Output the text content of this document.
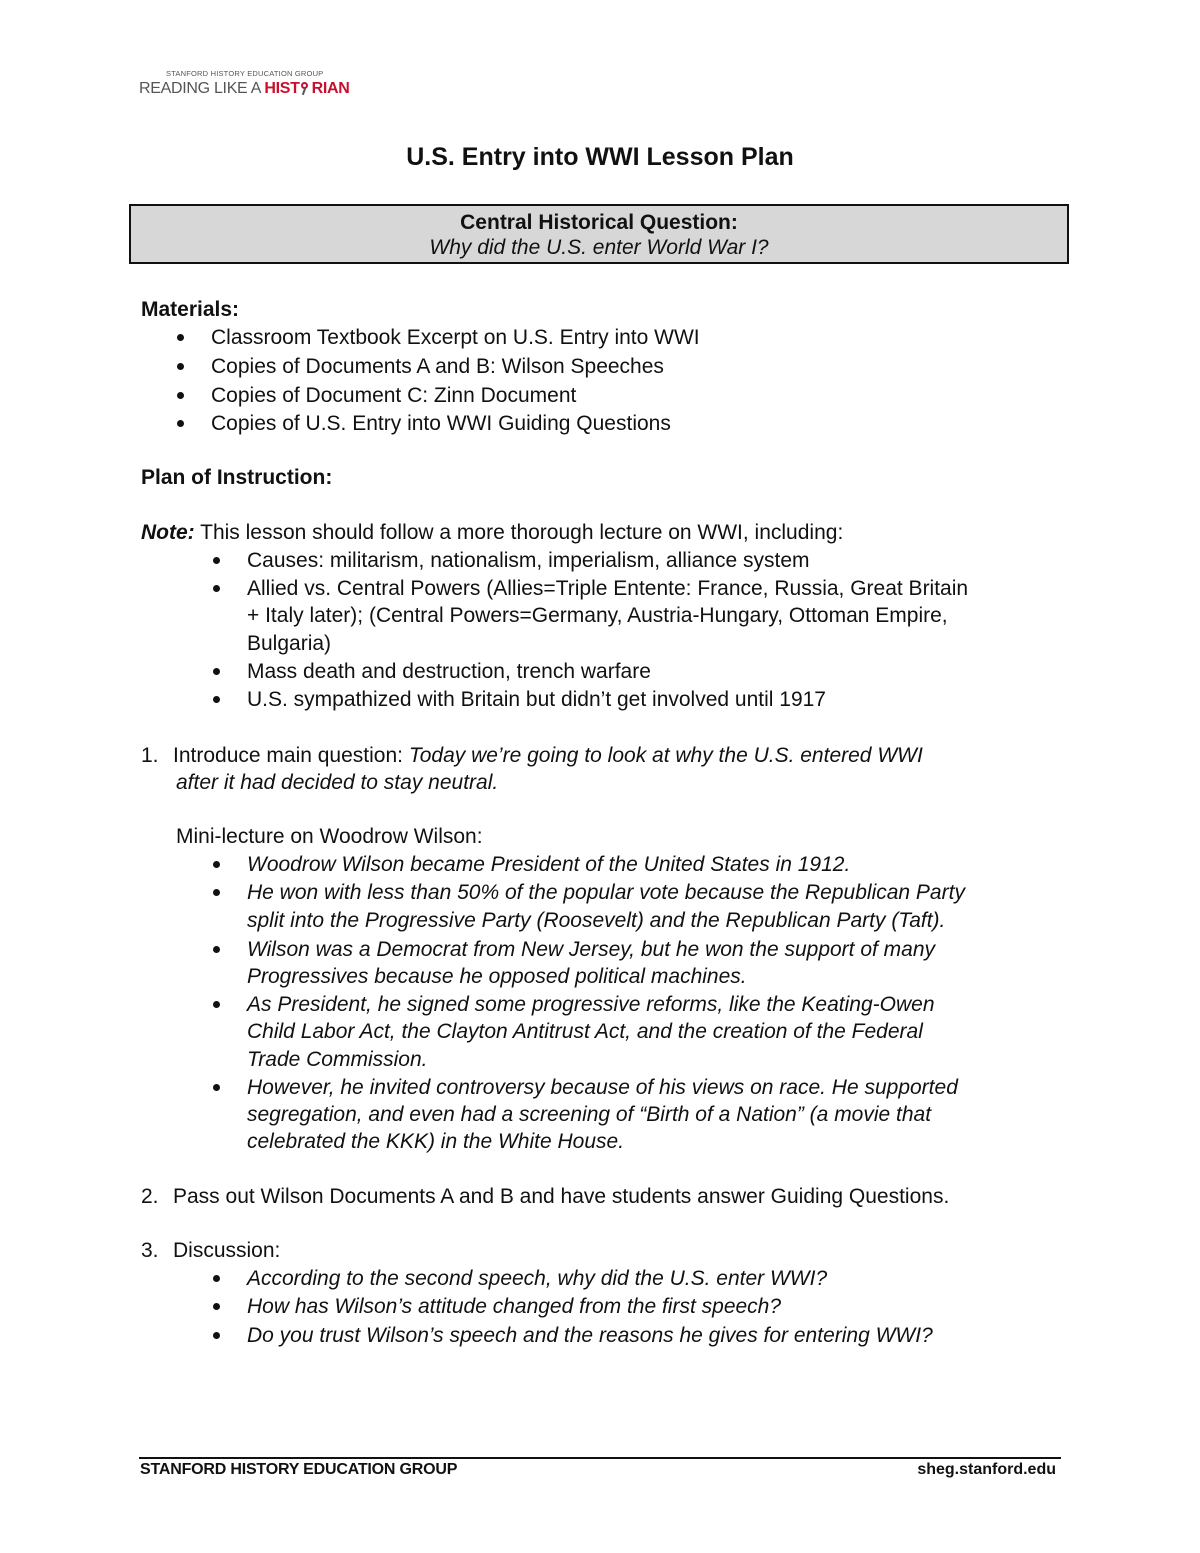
STANFORD HISTORY EDUCATION GROUP
READING LIKE A HIST RIAN
U.S. Entry into WWI Lesson Plan
Central Historical Question:
Why did the U.S. enter World War I?
Materials:
Classroom Textbook Excerpt on U.S. Entry into WWI
Copies of Documents A and B: Wilson Speeches
Copies of Document C: Zinn Document
Copies of U.S. Entry into WWI Guiding Questions
Plan of Instruction:
Note: This lesson should follow a more thorough lecture on WWI, including:
Causes: militarism, nationalism, imperialism, alliance system
Allied vs. Central Powers (Allies=Triple Entente: France, Russia, Great Britain
+ Italy later); (Central Powers=Germany, Austria-Hungary, Ottoman Empire,
Bulgaria)
Mass death and destruction, trench warfare
U.S. sympathized with Britain but didn’t get involved until 1917
1. Introduce main question: Today we’re going to look at why the U.S. entered WWI
after it had decided to stay neutral.
Mini-lecture on Woodrow Wilson:
Woodrow Wilson became President of the United States in 1912.
He won with less than 50% of the popular vote because the Republican Party
split into the Progressive Party (Roosevelt) and the Republican Party (Taft).
Wilson was a Democrat from New Jersey, but he won the support of many
Progressives because he opposed political machines.
As President, he signed some progressive reforms, like the Keating-Owen
Child Labor Act, the Clayton Antitrust Act, and the creation of the Federal
Trade Commission.
However, he invited controversy because of his views on race. He supported
segregation, and even had a screening of “Birth of a Nation” (a movie that
celebrated the KKK) in the White House.
2. Pass out Wilson Documents A and B and have students answer Guiding Questions.
3. Discussion:
According to the second speech, why did the U.S. enter WWI?
How has Wilson’s attitude changed from the first speech?
Do you trust Wilson’s speech and the reasons he gives for entering WWI?
STANFORD HISTORY EDUCATION GROUP	sheg.stanford.edu
